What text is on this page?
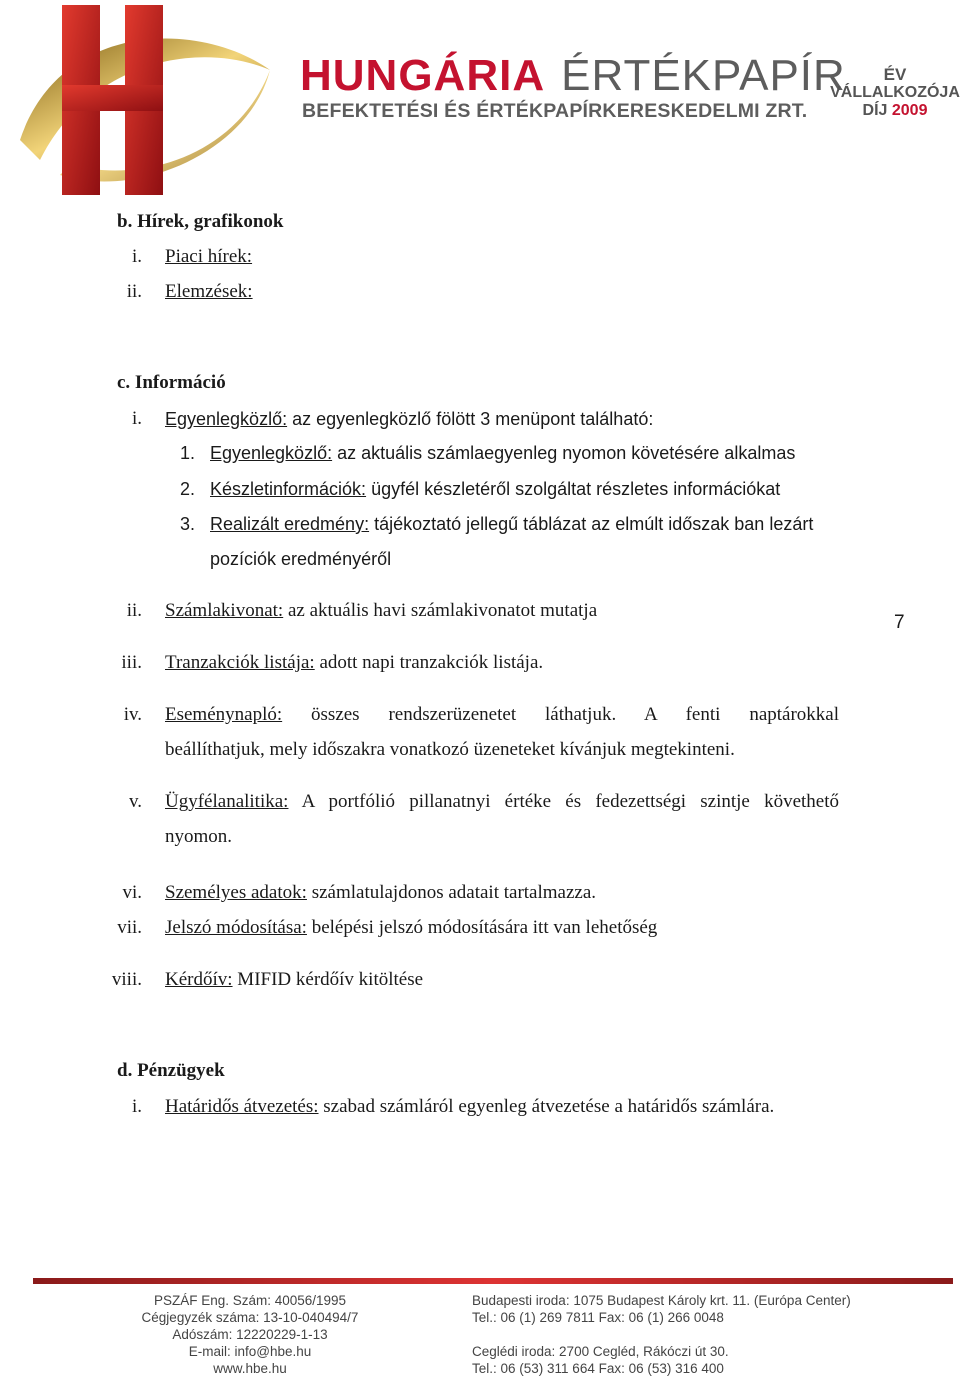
HUNGÁRIA ÉRTÉKPAPÍR
BEFEKTETÉSI ÉS ÉRTÉKPAPÍRKERESKEDELMI ZRT.
ÉV
VÁLLALKOZÓJA
DÍJ 2009
7
b. Hírek, grafikonok
i. Piaci hírek:
ii. Elemzések:
c. Információ
i. Egyenlegközlő: az egyenlegközlő fölött 3 menüpont található:
1. Egyenlegközlő: az aktuális számlaegyenleg nyomon követésére alkalmas
2. Készletinformációk: ügyfél készletéről szolgáltat részletes információkat
3. Realizált eredmény: tájékoztató jellegű táblázat az elmúlt időszak ban lezárt
pozíciók eredményéről
ii. Számlakivonat: az aktuális havi számlakivonatot mutatja
iii. Tranzakciók listája: adott napi tranzakciók listája.
iv. Eseménynapló: összes rendszerüzenetet láthatjuk. A fenti naptárokkal
beállíthatjuk, mely időszakra vonatkozó üzeneteket kívánjuk megtekinteni.
v. Ügyfélanalitika: A portfólió pillanatnyi értéke és fedezettségi szintje követhető
nyomon.
vi. Személyes adatok: számlatulajdonos adatait tartalmazza.
vii. Jelszó módosítása: belépési jelszó módosítására itt van lehetőség
viii. Kérdőív: MIFID kérdőív kitöltése
d. Pénzügyek
i. Határidős átvezetés: szabad számláról egyenleg átvezetése a határidős számlára.
PSZÁF Eng. Szám: 40056/1995
Cégjegyzék száma: 13-10-040494/7
Adószám: 12220229-1-13
E-mail: info@hbe.hu
www.hbe.hu
Budapesti iroda: 1075 Budapest Károly krt. 11. (Európa Center)
Tel.: 06 (1) 269 7811 Fax: 06 (1) 266 0048
Ceglédi iroda: 2700 Cegléd, Rákóczi út 30.
Tel.: 06 (53) 311 664 Fax: 06 (53) 316 400
